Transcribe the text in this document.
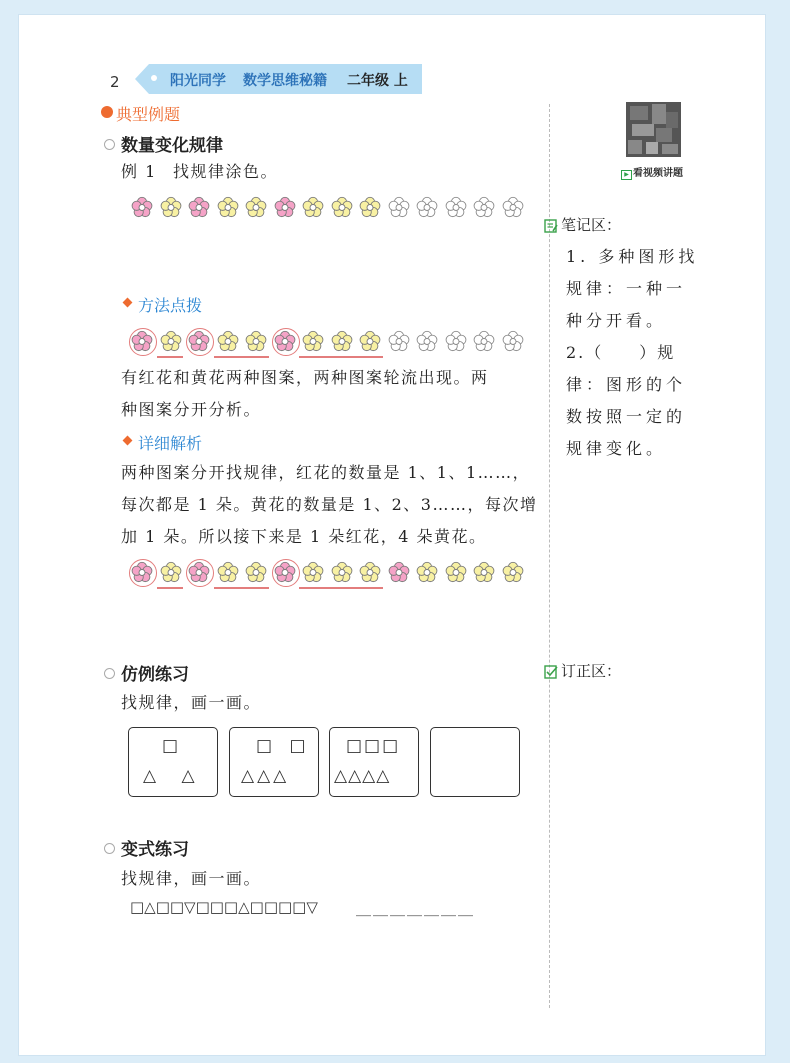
2	阳光同学 数学思维秘籍 二年级 上
典型例题
数量变化规律
例 1 找规律涂色。
方法点拨
有红花和黄花两种图案，两种图案轮流出现。两
种图案分开分析。
详细解析
两种图案分开找规律，红花的数量是 1、1、1……，
每次都是 1 朵。黄花的数量是 1、2、3……，每次增
加 1 朵。所以接下来是 1 朵红花，4 朵黄花。
仿例练习
找规律，画一画。
□
△ △
□ □
△△△
□□□
△△△△
变式练习
找规律，画一画。
□△□□▽□□□△□□□□▽	＿＿＿＿＿＿＿
▶ 看视频讲题
笔记区：
1. 多种图形找
规律：一种一
种分开看。
2.（　　）规
律：图形的个
数按照一定的
规律变化。
订正区：
